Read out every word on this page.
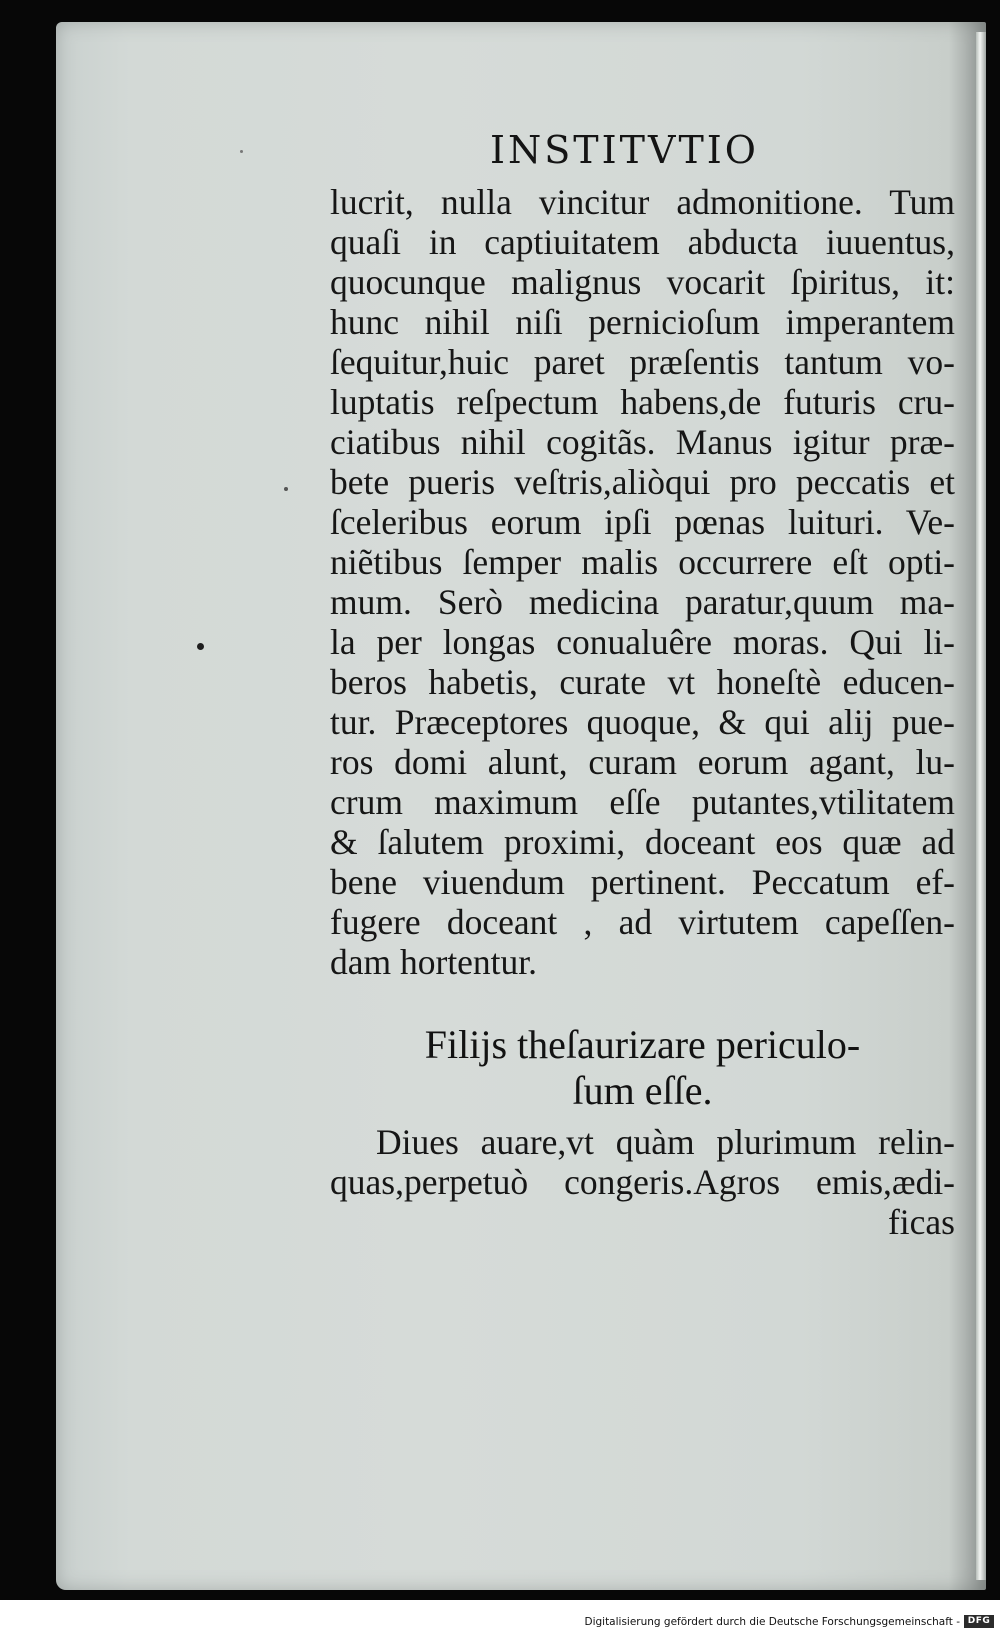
INSTITVTIO
lucrit, nulla vincitur admonitione. Tum
quaſi in captiuitatem abducta iuuentus,
quocunque malignus vocarit ſpiritus, it:
hunc nihil niſi pernicioſum imperantem
ſequitur,huic paret præſentis tantum vo-
luptatis reſpectum habens,de futuris cru-
ciatibus nihil cogitãs. Manus igitur præ-
bete pueris veſtris,aliòqui pro peccatis et
ſceleribus eorum ipſi pœnas luituri. Ve-
niẽtibus ſemper malis occurrere eſt opti-
mum. Serò medicina paratur,quum ma-
la per longas conualuêre moras. Qui li-
beros habetis, curate vt honeſtè educen-
tur. Præceptores quoque, & qui alij pue-
ros domi alunt, curam eorum agant, lu-
crum maximum eſſe putantes,vtilitatem
& ſalutem proximi, doceant eos quæ ad
bene viuendum pertinent. Peccatum ef-
fugere doceant , ad virtutem capeſſen-
dam hortentur.
Filijs theſaurizare periculo-
ſum eſſe.
Diues auare,vt quàm plurimum relin-
quas,perpetuò congeris.Agros emis,ædi-
ficas
Digitalisierung gefördert durch die Deutsche Forschungsgemeinschaft - DFG
